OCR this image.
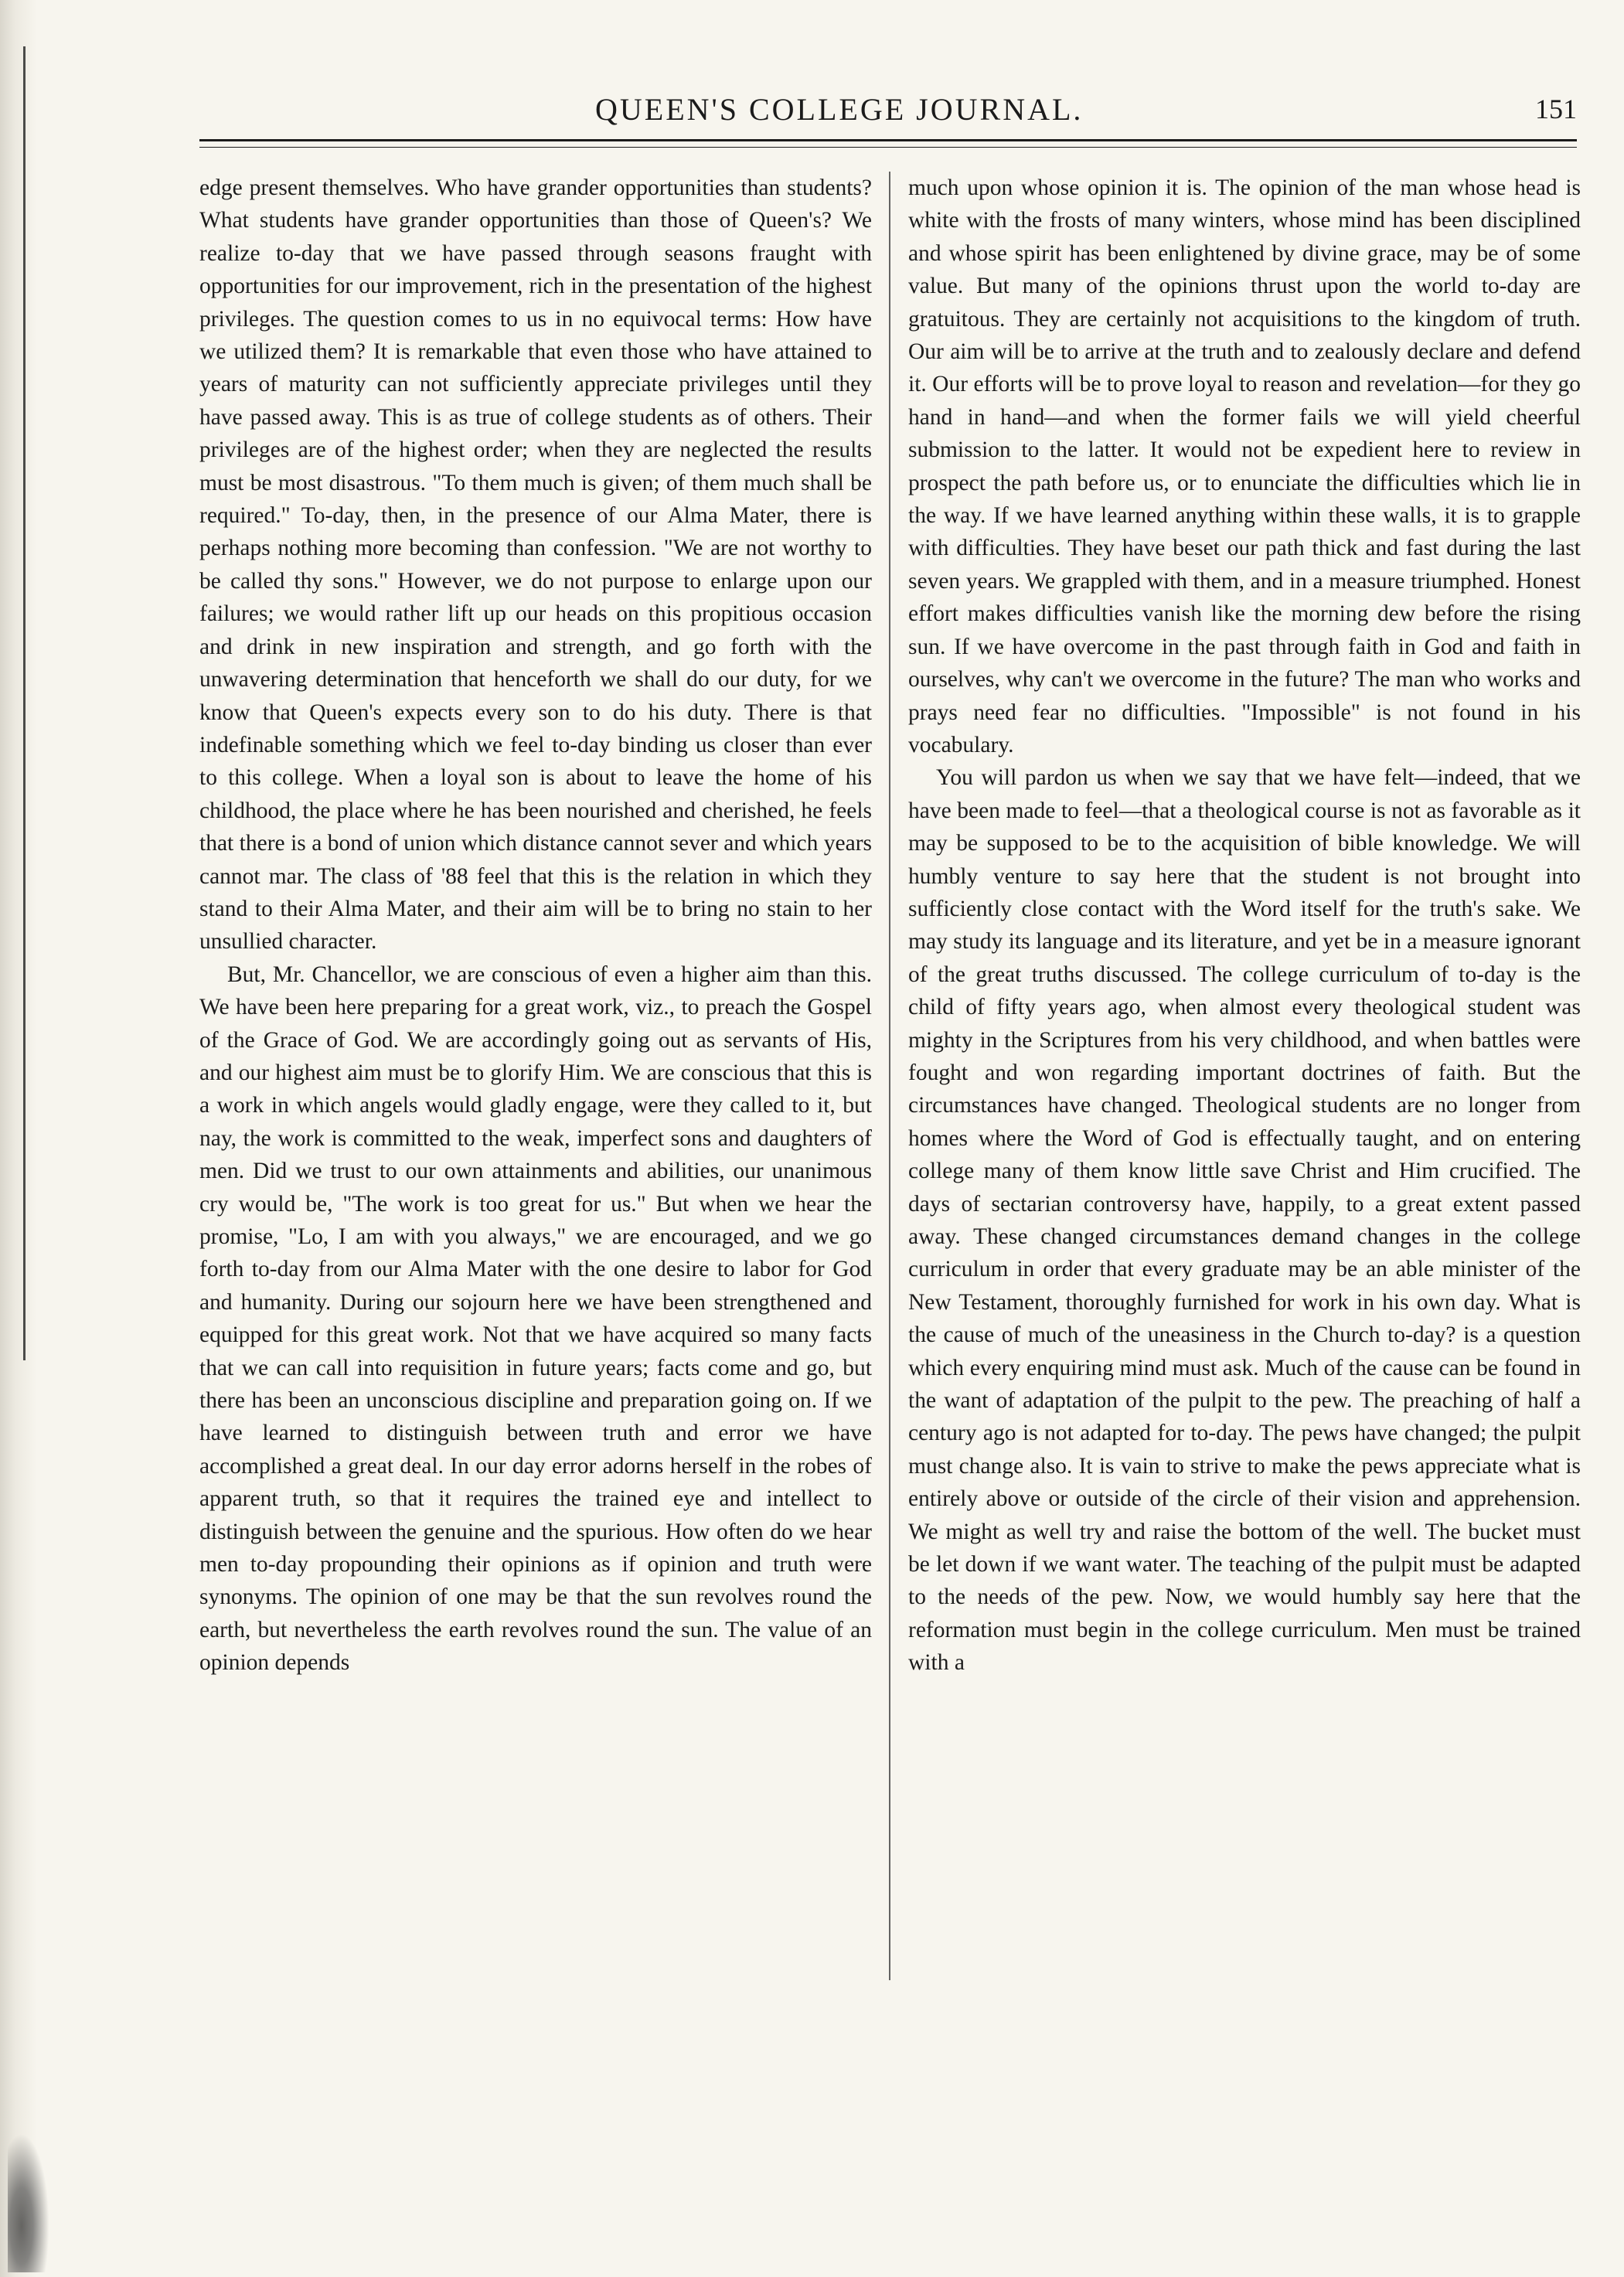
QUEEN'S COLLEGE JOURNAL.	151

edge present themselves. Who have grander opportunities than students? What students have grander opportunities than those of Queen's? We realize to-day that we have passed through seasons fraught with opportunities for our improvement, rich in the presentation of the highest privileges. The question comes to us in no equivocal terms: How have we utilized them? It is remarkable that even those who have attained to years of maturity can not sufficiently appreciate privileges until they have passed away. This is as true of college students as of others. Their privileges are of the highest order; when they are neglected the results must be most disastrous. "To them much is given; of them much shall be required." To-day, then, in the presence of our Alma Mater, there is perhaps nothing more becoming than confession. "We are not worthy to be called thy sons." However, we do not purpose to enlarge upon our failures; we would rather lift up our heads on this propitious occasion and drink in new inspiration and strength, and go forth with the unwavering determination that henceforth we shall do our duty, for we know that Queen's expects every son to do his duty. There is that indefinable something which we feel to-day binding us closer than ever to this college. When a loyal son is about to leave the home of his childhood, the place where he has been nourished and cherished, he feels that there is a bond of union which distance cannot sever and which years cannot mar. The class of '88 feel that this is the relation in which they stand to their Alma Mater, and their aim will be to bring no stain to her unsullied character.

But, Mr. Chancellor, we are conscious of even a higher aim than this. We have been here preparing for a great work, viz., to preach the Gospel of the Grace of God. We are accordingly going out as servants of His, and our highest aim must be to glorify Him. We are conscious that this is a work in which angels would gladly engage, were they called to it, but nay, the work is committed to the weak, imperfect sons and daughters of men. Did we trust to our own attainments and abilities, our unanimous cry would be, "The work is too great for us." But when we hear the promise, "Lo, I am with you always," we are encouraged, and we go forth to-day from our Alma Mater with the one desire to labor for God and humanity. During our sojourn here we have been strengthened and equipped for this great work. Not that we have acquired so many facts that we can call into requisition in future years; facts come and go, but there has been an unconscious discipline and preparation going on. If we have learned to distinguish between truth and error we have accomplished a great deal. In our day error adorns herself in the robes of apparent truth, so that it requires the trained eye and intellect to distinguish between the genuine and the spurious. How often do we hear men to-day propounding their opinions as if opinion and truth were synonyms. The opinion of one may be that the sun revolves round the earth, but nevertheless the earth revolves round the sun. The value of an opinion depends

much upon whose opinion it is. The opinion of the man whose head is white with the frosts of many winters, whose mind has been disciplined and whose spirit has been enlightened by divine grace, may be of some value. But many of the opinions thrust upon the world to-day are gratuitous. They are certainly not acquisitions to the kingdom of truth. Our aim will be to arrive at the truth and to zealously declare and defend it. Our efforts will be to prove loyal to reason and revelation—for they go hand in hand—and when the former fails we will yield cheerful submission to the latter. It would not be expedient here to review in prospect the path before us, or to enunciate the difficulties which lie in the way. If we have learned anything within these walls, it is to grapple with difficulties. They have beset our path thick and fast during the last seven years. We grappled with them, and in a measure triumphed. Honest effort makes difficulties vanish like the morning dew before the rising sun. If we have overcome in the past through faith in God and faith in ourselves, why can't we overcome in the future? The man who works and prays need fear no difficulties. "Impossible" is not found in his vocabulary.

You will pardon us when we say that we have felt—indeed, that we have been made to feel—that a theological course is not as favorable as it may be supposed to be to the acquisition of bible knowledge. We will humbly venture to say here that the student is not brought into sufficiently close contact with the Word itself for the truth's sake. We may study its language and its literature, and yet be in a measure ignorant of the great truths discussed. The college curriculum of to-day is the child of fifty years ago, when almost every theological student was mighty in the Scriptures from his very childhood, and when battles were fought and won regarding important doctrines of faith. But the circumstances have changed. Theological students are no longer from homes where the Word of God is effectually taught, and on entering college many of them know little save Christ and Him crucified. The days of sectarian controversy have, happily, to a great extent passed away. These changed circumstances demand changes in the college curriculum in order that every graduate may be an able minister of the New Testament, thoroughly furnished for work in his own day. What is the cause of much of the uneasiness in the Church to-day? is a question which every enquiring mind must ask. Much of the cause can be found in the want of adaptation of the pulpit to the pew. The preaching of half a century ago is not adapted for to-day. The pews have changed; the pulpit must change also. It is vain to strive to make the pews appreciate what is entirely above or outside of the circle of their vision and apprehension. We might as well try and raise the bottom of the well. The bucket must be let down if we want water. The teaching of the pulpit must be adapted to the needs of the pew. Now, we would humbly say here that the reformation must begin in the college curriculum. Men must be trained with a
